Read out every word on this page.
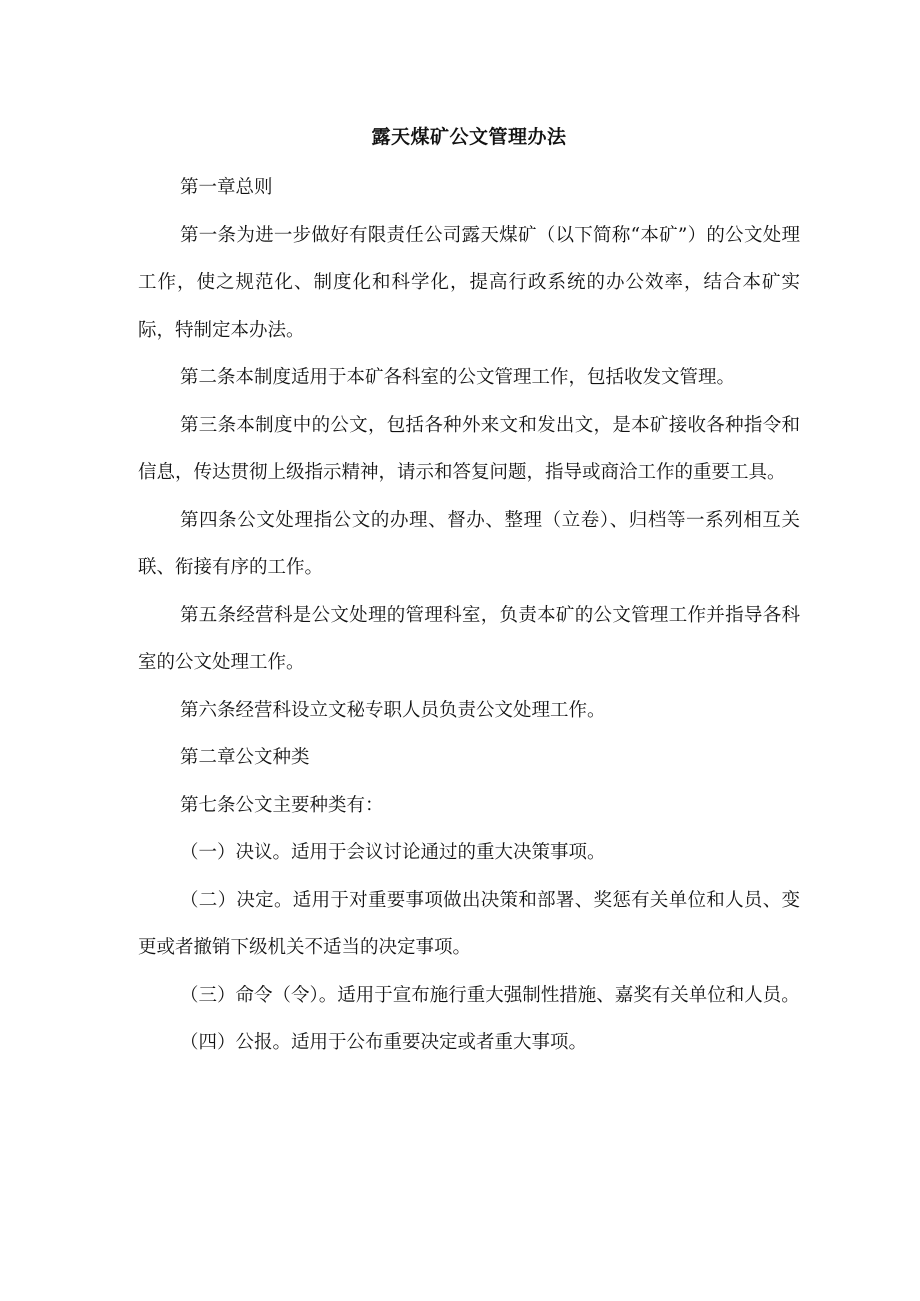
露天煤矿公文管理办法

第一章总则

第一条为进一步做好有限责任公司露天煤矿（以下简称“本矿”）的公文处理工作，使之规范化、制度化和科学化，提高行政系统的办公效率，结合本矿实际，特制定本办法。

第二条本制度适用于本矿各科室的公文管理工作，包括收发文管理。

第三条本制度中的公文，包括各种外来文和发出文，是本矿接收各种指令和信息，传达贯彻上级指示精神，请示和答复问题，指导或商洽工作的重要工具。

第四条公文处理指公文的办理、督办、整理（立卷）、归档等一系列相互关联、衔接有序的工作。

第五条经营科是公文处理的管理科室，负责本矿的公文管理工作并指导各科室的公文处理工作。

第六条经营科设立文秘专职人员负责公文处理工作。

第二章公文种类

第七条公文主要种类有：

（一）决议。适用于会议讨论通过的重大决策事项。

（二）决定。适用于对重要事项做出决策和部署、奖惩有关单位和人员、变更或者撤销下级机关不适当的决定事项。

（三）命令（令）。适用于宣布施行重大强制性措施、嘉奖有关单位和人员。

（四）公报。适用于公布重要决定或者重大事项。
